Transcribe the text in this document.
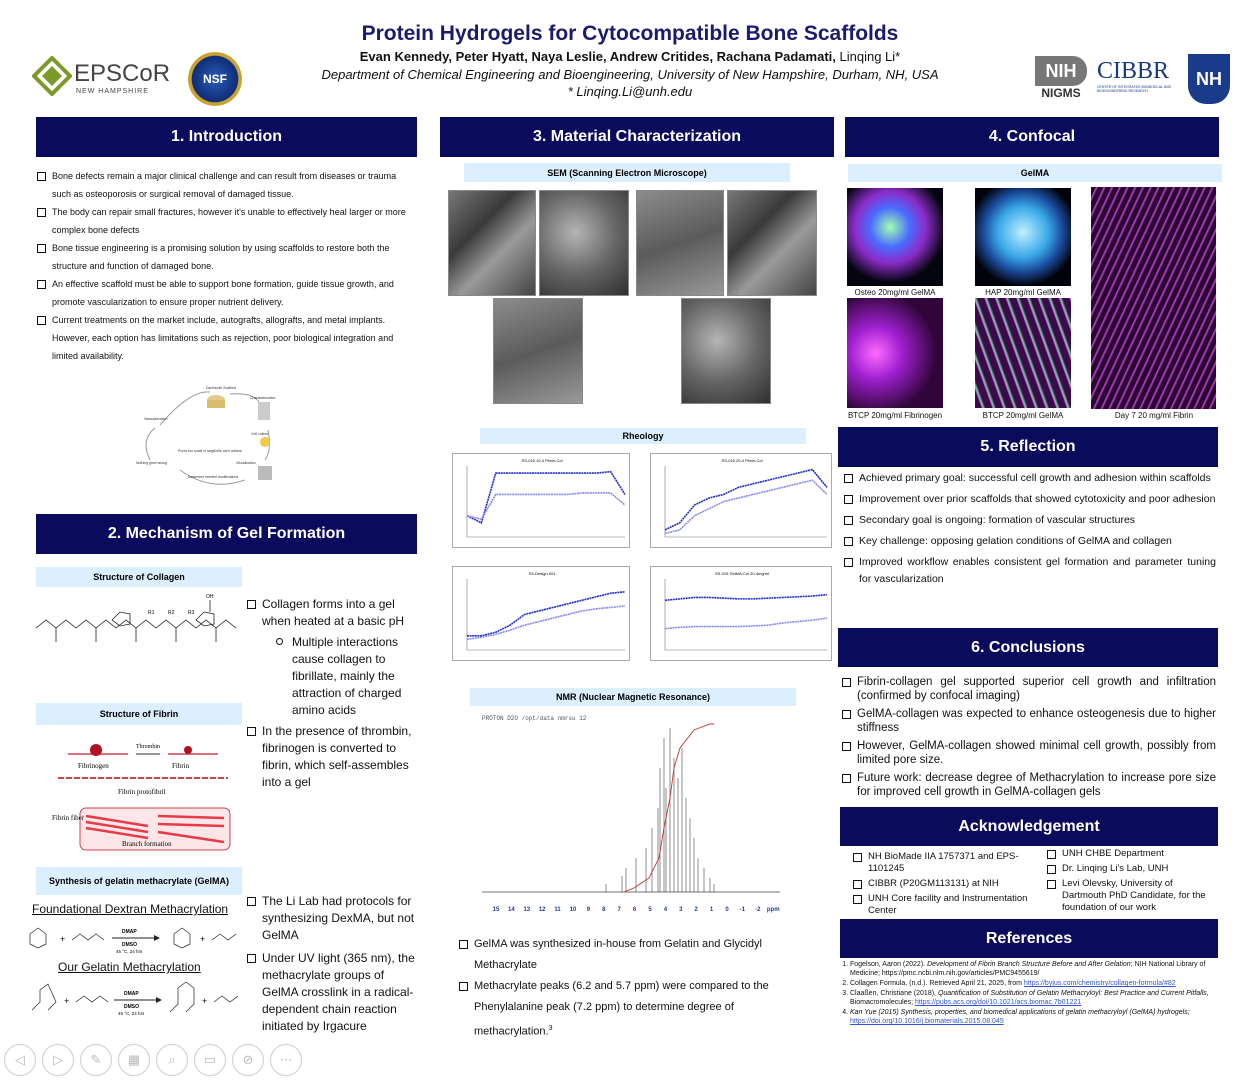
EPSCoR
NEW HAMPSHIRE
NSF
Protein Hydrogels for Cytocompatible Bone Scaffolds
Evan Kennedy, Peter Hyatt, Naya Leslie, Andrew Critides, Rachana Padamati, Linqing Li*
Department of Chemical Engineering and Bioengineering, University of New Hampshire, Durham, NH, USA
* Linqing.Li@unh.edu
NIH
NIGMS
CIBBR
CENTER OF INTEGRATED BIOMEDICAL AND BIOENGINEERING RESEARCH
NH
1. Introduction
Bone defects remain a major clinical challenge and can result from diseases or trauma such as osteoporosis or surgical removal of damaged tissue.
The body can repair small fractures, however it's unable to effectively heal larger or more complex bone defects
Bone tissue engineering is a promising solution by using scaffolds to restore both the structure and function of damaged bone.
An effective scaffold must be able to support bone formation, guide tissue growth, and promote vascularization to ensure proper nutrient delivery.
Current treatments on the market include, autografts, allografts, and metal implants. However, each option has limitations such as rejection, poor biological integration and limited availability.
Dartmouth Scaffold
Characterization
Cell culture
Visualization
Determine needed modifications
Pores too small or large Cells can't adhere
Nothing grew wrong
Vascularization
2. Mechanism of Gel Formation
Structure of Collagen
OH
R1	R2	R3
Collagen forms into a gel when heated at a basic pH
Multiple interactions cause collagen to fibrillate, mainly the attraction of charged amino acids
In the presence of thrombin, fibrinogen is converted to fibrin, which self-assembles into a gel
Structure of Fibrin
Fibrinogen
Thrombin
Fibrin
Fibrin protofibril
Fibrin fiber
Branch formation
Synthesis of gelatin methacrylate (GelMA)
Foundational Dextran Methacrylation
+
DMAP
DMSO
45 °C, 24 hrs
+
Our Gelatin Methacrylation
+
DMAP
DMSO
45 °C, 24 hrs
+
The Li Lab had protocols for synthesizing DexMA, but not GelMA
Under UV light (365 nm), the methacrylate groups of GelMA crosslink in a radical-dependent chain reaction initiated by Irgacure
3. Material Characterization
SEM (Scanning Electron Microscope)
Rheology
SS-016 10-4 Fibrin-Col	SS-016 20-4 Fibrin-Col
SS-Design-001	SS-015 GelMA-Col 20-4mg/ml
NMR (Nuclear Magnetic Resonance)
PROTON D2O /opt/data nmrsu 12
15 14 13 12 11 10 9 8 7 6 5 4 3 2 1 0 -1 -2 ppm
GelMA was synthesized in-house from Gelatin and Glycidyl Methacrylate
Methacrylate peaks (6.2 and 5.7 ppm) were compared to the Phenylalanine peak (7.2 ppm) to determine degree of methacrylation.$^3$
4. Confocal
GelMA
Osteo 20mg/ml GelMA	HAP 20mg/ml GelMA
Day 7 20 mg/ml Fibrin
BTCP 20mg/ml Fibrinogen	BTCP 20mg/ml GelMA
5. Reflection
Achieved primary goal: successful cell growth and adhesion within scaffolds
Improvement over prior scaffolds that showed cytotoxicity and poor adhesion
Secondary goal is ongoing: formation of vascular structures
Key challenge: opposing gelation conditions of GelMA and collagen
Improved workflow enables consistent gel formation and parameter tuning for vascularization
6. Conclusions
Fibrin-collagen gel supported superior cell growth and infiltration (confirmed by confocal imaging)
GelMA-collagen was expected to enhance osteogenesis due to higher stiffness
However, GelMA-collagen showed minimal cell growth, possibly from limited pore size.
Future work: decrease degree of Methacrylation to increase pore size for improved cell growth in GelMA-collagen gels
Acknowledgement
NH BioMade IIA 1757371 and EPS-1101245
CIBBR (P20GM113131) at NIH
UNH Core facility and Instrumentation Center
UNH CHBE Department
Dr. Linqing Li's Lab, UNH
Levi Olevsky, University of Dartmouth PhD Candidate, for the foundation of our work
References
1. Fogelson, Aaron (2022). Development of Fibrin Branch Structure Before and After Gelation; NIH National Library of Medicine; https://pmc.ncbi.nlm.nih.gov/articles/PMC9455619/
2. Collagen Formula. (n.d.). Retrieved April 21, 2025, from https://byjus.com/chemistry/collagen-formula/#82
3. Claaßen, Christiane (2018), Quantification of Substitution of Gelatin Methacryloyl: Best Practice and Current Pitfalls, Biomacromolecules; https://pubs.acs.org/doi/10.1021/acs.biomac.7b01221
4. Kan Yue (2015) Synthesis, properties, and biomedical applications of gelatin methacryloyl (GelMA) hydrogels; https://doi.org/10.1016/j.biomaterials.2015.08.045
◁ ▷ ✎ ▦ ⌕ ▭ ⊘ ⋯
